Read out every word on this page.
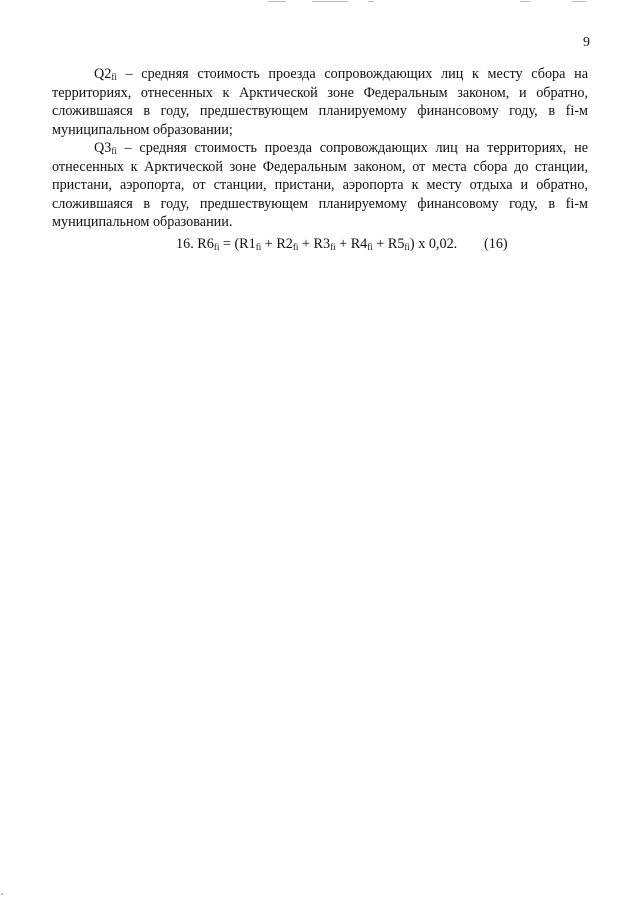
9

$Q2_{fi}$ – средняя стоимость проезда сопровождающих лиц к месту сбора на территориях, отнесенных к Арктической зоне Федеральным законом, и обратно, сложившаяся в году, предшествующем планируемому финансовому году, в fi-м муниципальном образовании;

$Q3_{fi}$ – средняя стоимость проезда сопровождающих лиц на территориях, не отнесенных к Арктической зоне Федеральным законом, от места сбора до станции, пристани, аэропорта, от станции, пристани, аэропорта к месту отдыха и обратно, сложившаяся в году, предшествующем планируемому финансовому году, в fi-м муниципальном образовании.

16. $R6_{fi} = (R1_{fi} + R2_{fi} + R3_{fi} + R4_{fi} + R5_{fi})$ x 0,02. (16)
